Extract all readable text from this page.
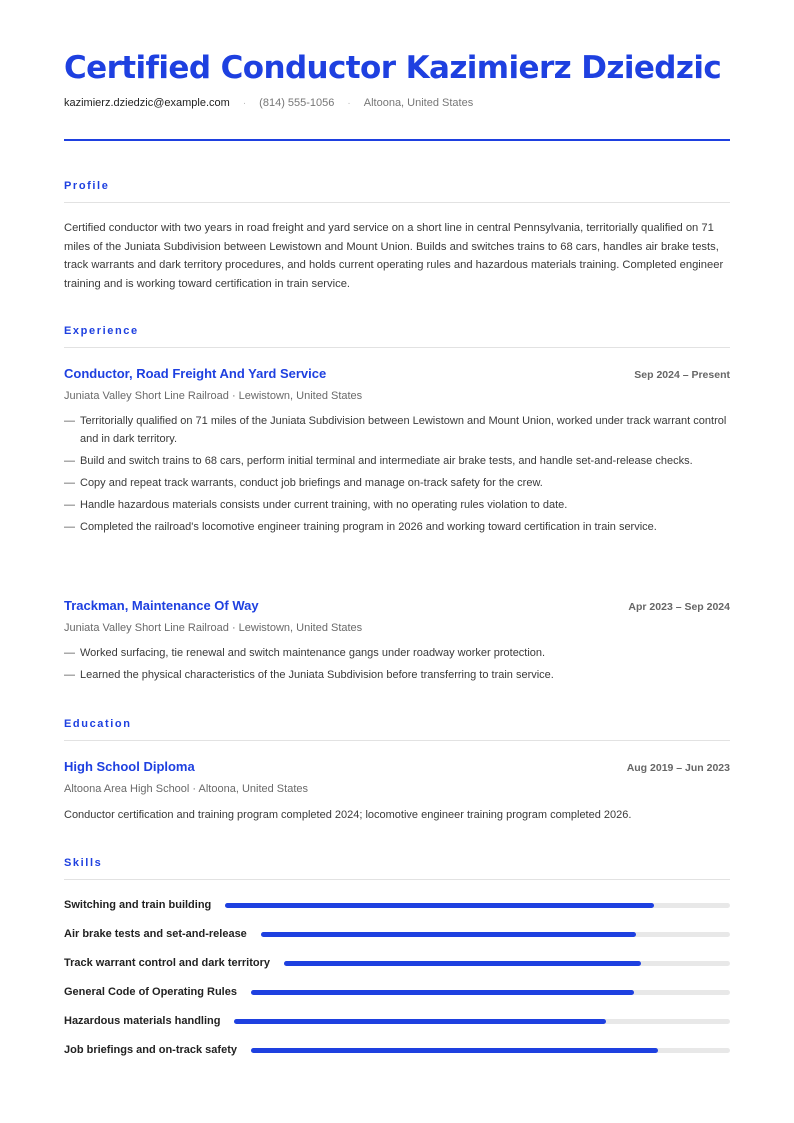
Certified Conductor Kazimierz Dziedzic
kazimierz.dziedzic@example.com · (814) 555-1056 · Altoona, United States
Profile

Certified conductor with two years in road freight and yard service on a short line in central Pennsylvania, territorially qualified on 71 miles of the Juniata Subdivision between Lewistown and Mount Union. Builds and switches trains to 68 cars, handles air brake tests, track warrants and dark territory procedures, and holds current operating rules and hazardous materials training. Completed engineer training and is working toward certification in train service.

Experience
Conductor, Road Freight And Yard Service	Sep 2024 – Present
Juniata Valley Short Line Railroad · Lewistown, United States
— Territorially qualified on 71 miles of the Juniata Subdivision between Lewistown and Mount Union, worked under track warrant control and in dark territory.
— Build and switch trains to 68 cars, perform initial terminal and intermediate air brake tests, and handle set-and-release checks.
— Copy and repeat track warrants, conduct job briefings and manage on-track safety for the crew.
— Handle hazardous materials consists under current training, with no operating rules violation to date.
— Completed the railroad's locomotive engineer training program in 2026 and working toward certification in train service.
Trackman, Maintenance Of Way	Apr 2023 – Sep 2024
Juniata Valley Short Line Railroad · Lewistown, United States
— Worked surfacing, tie renewal and switch maintenance gangs under roadway worker protection.
— Learned the physical characteristics of the Juniata Subdivision before transferring to train service.
Education
High School Diploma	Aug 2019 – Jun 2023
Altoona Area High School · Altoona, United States

Conductor certification and training program completed 2024; locomotive engineer training program completed 2026.

Skills
Switching and train building
Air brake tests and set-and-release
Track warrant control and dark territory
General Code of Operating Rules
Hazardous materials handling
Job briefings and on-track safety
